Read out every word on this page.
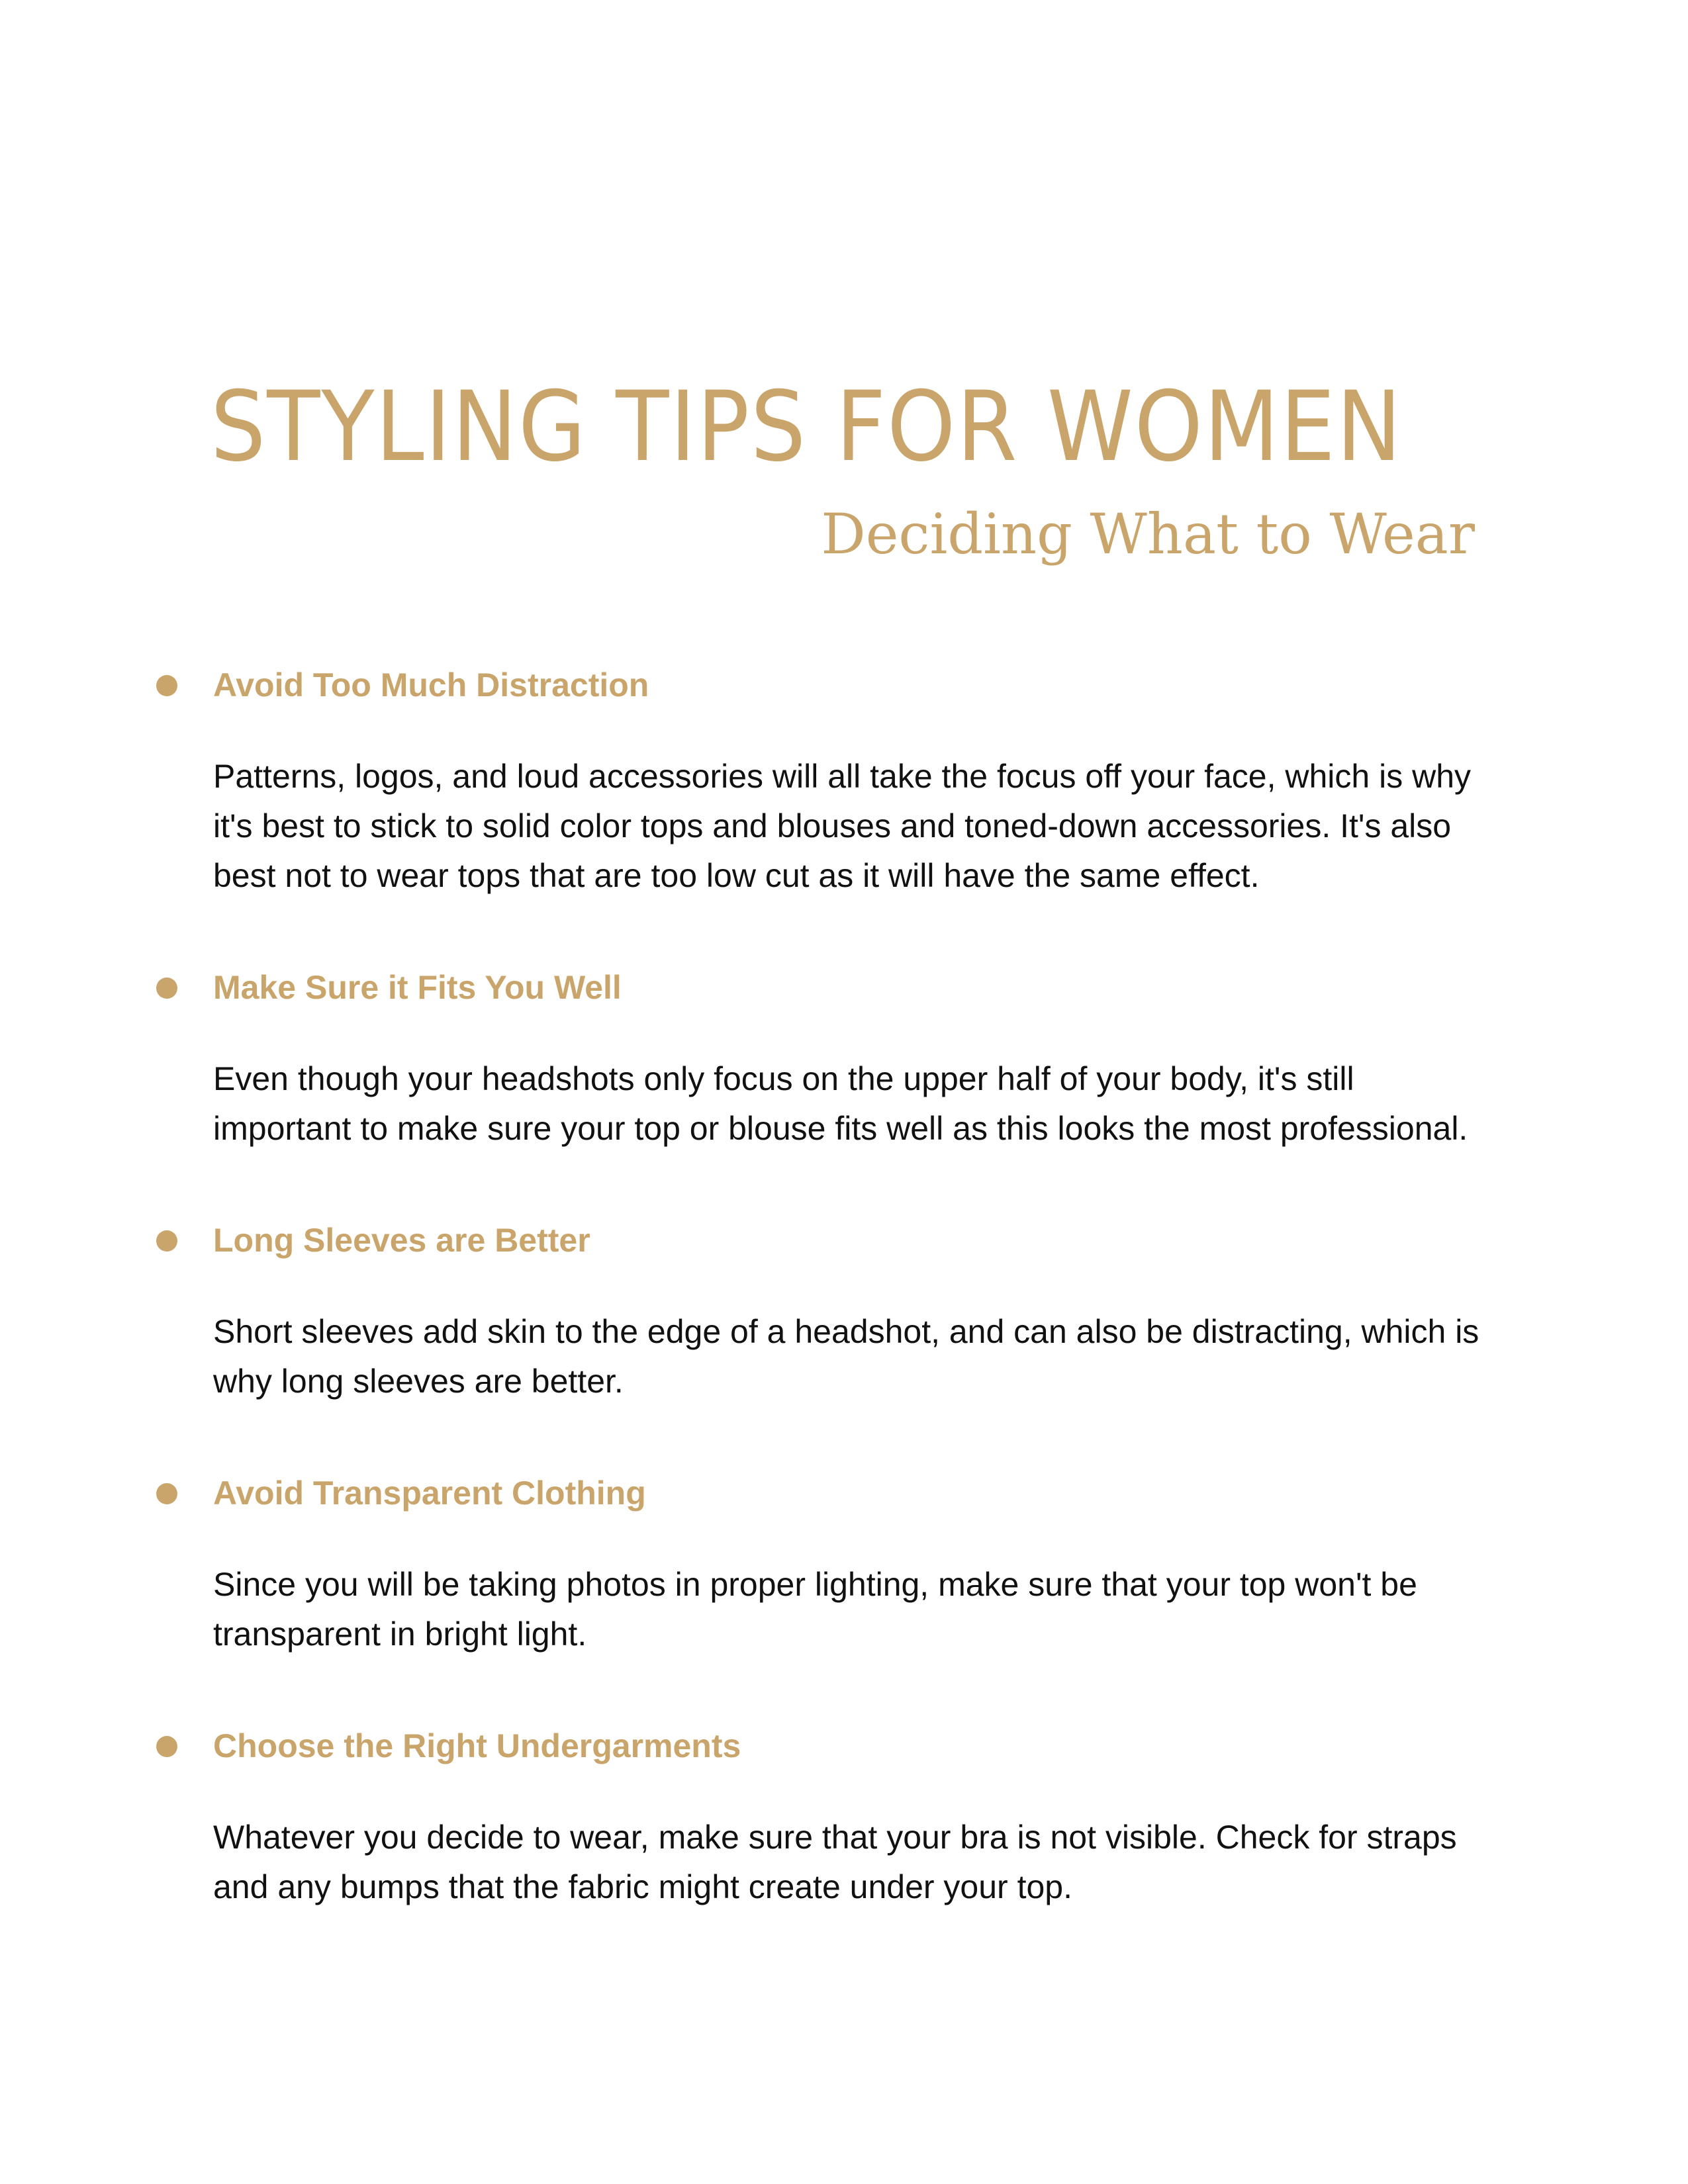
STYLING TIPS FOR WOMEN
Deciding What to Wear
Avoid Too Much Distraction

Patterns, logos, and loud accessories will all take the focus off your face, which is why it's best to stick to solid color tops and blouses and toned-down accessories. It's also best not to wear tops that are too low cut as it will have the same effect.

Make Sure it Fits You Well

Even though your headshots only focus on the upper half of your body, it's still important to make sure your top or blouse fits well as this looks the most professional.

Long Sleeves are Better

Short sleeves add skin to the edge of a headshot, and can also be distracting, which is why long sleeves are better.

Avoid Transparent Clothing

Since you will be taking photos in proper lighting, make sure that your top won't be transparent in bright light.

Choose the Right Undergarments

Whatever you decide to wear, make sure that your bra is not visible. Check for straps and any bumps that the fabric might create under your top.
